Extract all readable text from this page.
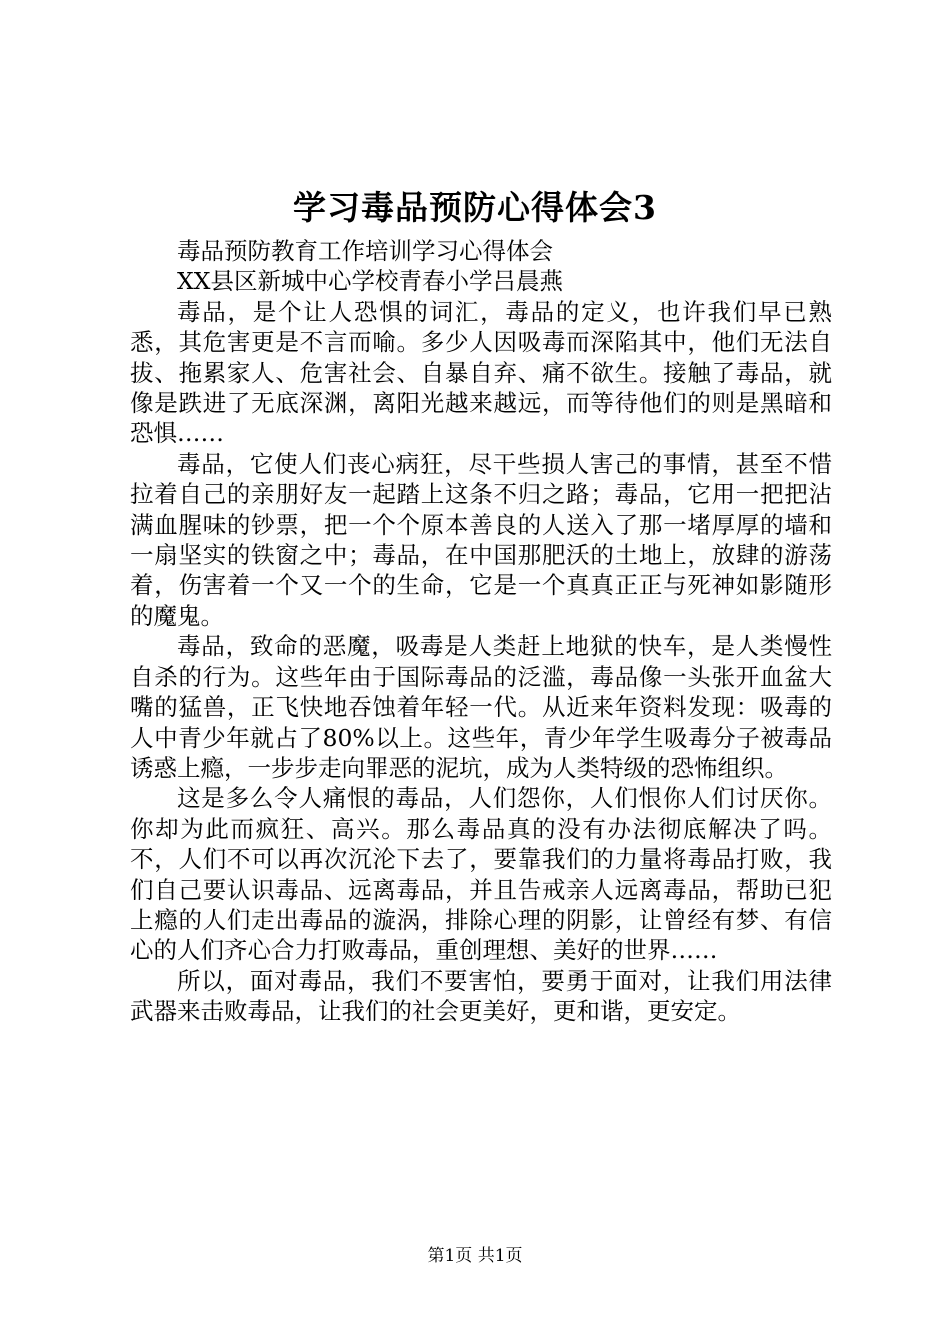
学习毒品预防心得体会3

毒品预防教育工作培训学习心得体会

XX县区新城中心学校青春小学吕晨燕

毒品，是个让人恐惧的词汇，毒品的定义，也许我们早已熟悉，其危害更是不言而喻。多少人因吸毒而深陷其中，他们无法自拔、拖累家人、危害社会、自暴自弃、痛不欲生。接触了毒品，就像是跌进了无底深渊，离阳光越来越远，而等待他们的则是黑暗和恐惧……

毒品，它使人们丧心病狂，尽干些损人害己的事情，甚至不惜拉着自己的亲朋好友一起踏上这条不归之路；毒品，它用一把把沾满血腥味的钞票，把一个个原本善良的人送入了那一堵厚厚的墙和一扇坚实的铁窗之中；毒品，在中国那肥沃的土地上，放肆的游荡着，伤害着一个又一个的生命，它是一个真真正正与死神如影随形的魔鬼。

毒品，致命的恶魔，吸毒是人类赶上地狱的快车，是人类慢性自杀的行为。这些年由于国际毒品的泛滥，毒品像一头张开血盆大嘴的猛兽，正飞快地吞蚀着年轻一代。从近来年资料发现：吸毒的人中青少年就占了80%以上。这些年，青少年学生吸毒分子被毒品诱惑上瘾，一步步走向罪恶的泥坑，成为人类特级的恐怖组织。

这是多么令人痛恨的毒品，人们怨你，人们恨你人们讨厌你。你却为此而疯狂、高兴。那么毒品真的没有办法彻底解决了吗。不，人们不可以再次沉沦下去了，要靠我们的力量将毒品打败，我们自己要认识毒品、远离毒品，并且告戒亲人远离毒品，帮助已犯上瘾的人们走出毒品的漩涡，排除心理的阴影，让曾经有梦、有信心的人们齐心合力打败毒品，重创理想、美好的世界……

所以，面对毒品，我们不要害怕，要勇于面对，让我们用法律武器来击败毒品，让我们的社会更美好，更和谐，更安定。

第1页 共1页
